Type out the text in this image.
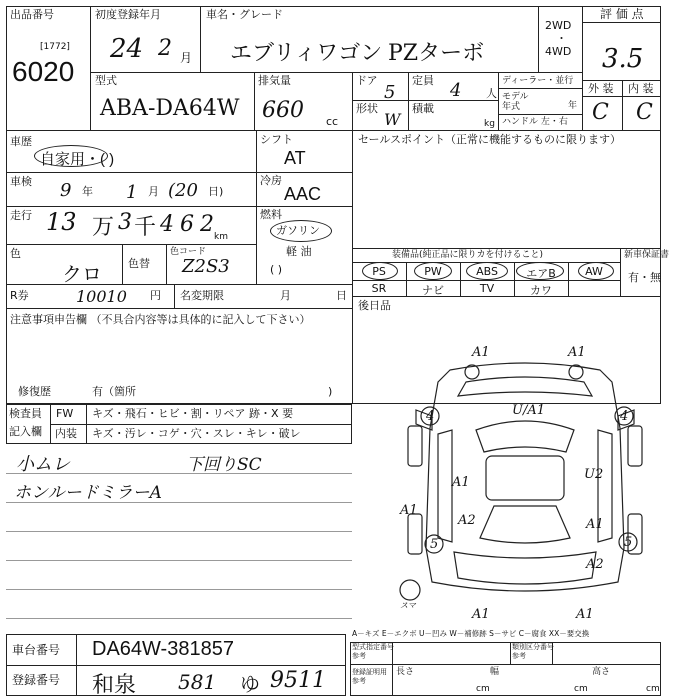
出品番号
[1772]
6020
初度登録年月
24 2 月
車名・グレード
エブリィワゴン PZターボ
2WD
・
4WD
評 価 点
3.5
外 装 内 装
C C
型式
ABA-DA64W
排気量
660 cc
ドア
5
定員 4 人
形状
W
積載
kg
ディーラー・並行
モデル
年式	年
ハンドル 左・右
車歴
自家用・( )
車検 9 年 1 月 (20 日)
走行 13 万 3 千 462
km
色
クロ 色替
色コード
Z2S3
シフト
AT
冷房
AAC
燃料
ガソリン
軽 油
( )
R券	10010 円 名変期限	月	日
注意事項申告欄 （不具合内容等は具体的に記入して下さい）
修復歴	有（箇所	)
セールスポイント（正常に機能するものに限ります）
装備品(純正品に限りカを付けること)	新車保証書
有・無
PS	PW	ABS	エアB	AW
SR	ナビ	TV	カワ
後日品
検査員
記入欄
FW キズ・飛石・ヒビ・割・リペア 跡・X 要
内装 キズ・汚レ・コゲ・穴・スレ・キレ・破レ
小ムレ	下回りSC
ホンルードミラーA
A1	A1
U/A1
4	4
A1
U2
A1
A2	A1
5	5
A2
A1	A1
スマ
A－キズ E－エクボ U－凹み W－補修跡 S－サビ C－腐食 XX－要交換
車台番号 DA64W-381857
登録番号 和泉 581 ゆ 9511
型式指定番号
参考
類別区分番号
参考
登録証明用
参考
長さ	幅	高さ
cm	cm	cm
